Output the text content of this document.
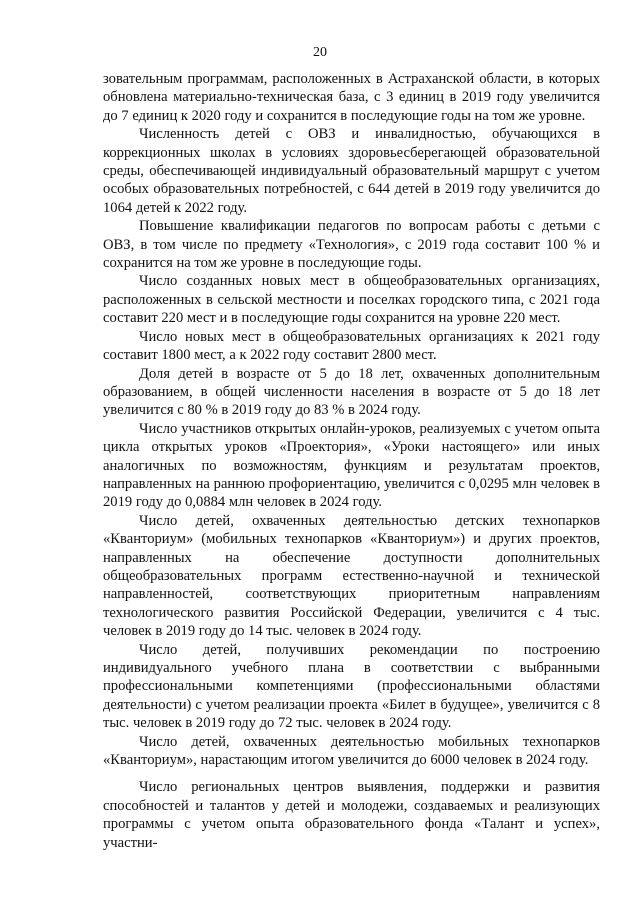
20

зовательным программам, расположенных в Астраханской области, в которых обновлена материально-техническая база, с 3 единиц в 2019 году увеличится до 7 единиц к 2020 году и сохранится в последующие годы на том же уровне.

Численность детей с ОВЗ и инвалидностью, обучающихся в коррекционных школах в условиях здоровьесберегающей образовательной среды, обеспечивающей индивидуальный образовательный маршрут с учетом особых образовательных потребностей, с 644 детей в 2019 году увеличится до 1064 детей к 2022 году.

Повышение квалификации педагогов по вопросам работы с детьми с ОВЗ, в том числе по предмету «Технология», с 2019 года составит 100 % и сохранится на том же уровне в последующие годы.

Число созданных новых мест в общеобразовательных организациях, расположенных в сельской местности и поселках городского типа, с 2021 года составит 220 мест и в последующие годы сохранится на уровне 220 мест.

Число новых мест в общеобразовательных организациях к 2021 году составит 1800 мест, а к 2022 году составит 2800 мест.

Доля детей в возрасте от 5 до 18 лет, охваченных дополнительным образованием, в общей численности населения в возрасте от 5 до 18 лет увеличится с 80 % в 2019 году до 83 % в 2024 году.

Число участников открытых онлайн-уроков, реализуемых с учетом опыта цикла открытых уроков «Проектория», «Уроки настоящего» или иных аналогичных по возможностям, функциям и результатам проектов, направленных на раннюю профориентацию, увеличится с 0,0295 млн человек в 2019 году до 0,0884 млн человек в 2024 году.

Число детей, охваченных деятельностью детских технопарков «Кванториум» (мобильных технопарков «Кванториум») и других проектов, направленных на обеспечение доступности дополнительных общеобразовательных программ естественно-научной и технической направленностей, соответствующих приоритетным направлениям технологического развития Российской Федерации, увеличится с 4 тыс. человек в 2019 году до 14 тыс. человек в 2024 году.

Число детей, получивших рекомендации по построению индивидуального учебного плана в соответствии с выбранными профессиональными компетенциями (профессиональными областями деятельности) с учетом реализации проекта «Билет в будущее», увеличится с 8 тыс. человек в 2019 году до 72 тыс. человек в 2024 году.

Число детей, охваченных деятельностью мобильных технопарков «Кванториум», нарастающим итогом увеличится до 6000 человек в 2024 году.

Число региональных центров выявления, поддержки и развития способностей и талантов у детей и молодежи, создаваемых и реализующих программы с учетом опыта образовательного фонда «Талант и успех», участни-
